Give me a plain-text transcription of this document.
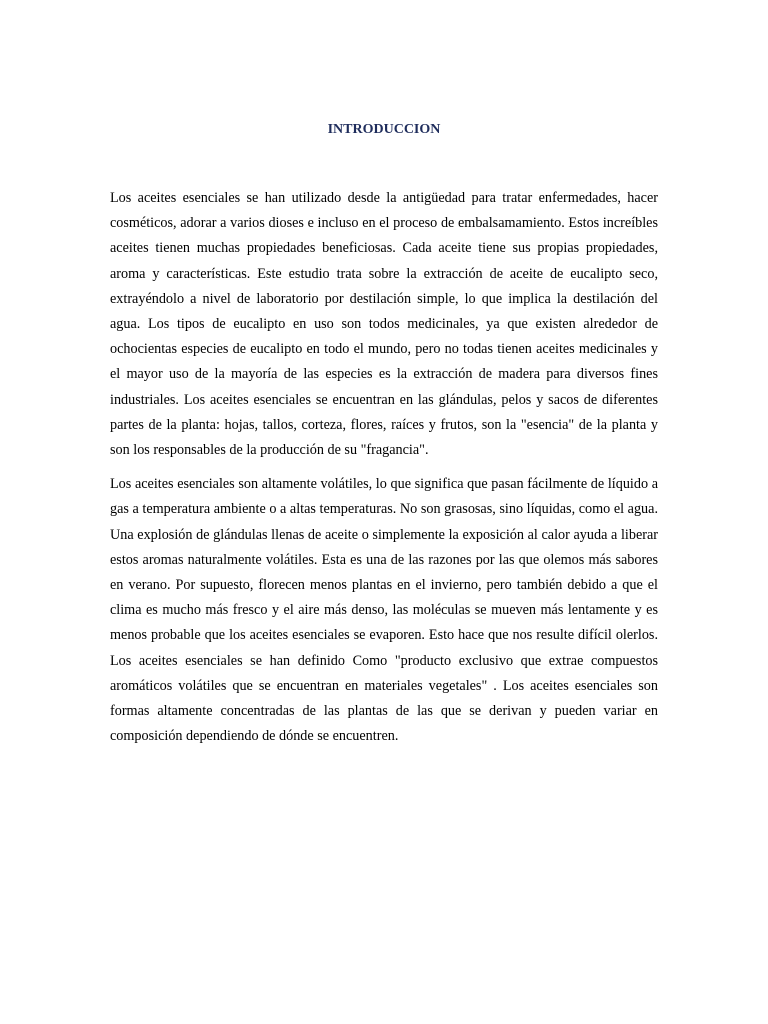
INTRODUCCION

Los aceites esenciales se han utilizado desde la antigüedad para tratar enfermedades, hacer cosméticos, adorar a varios dioses e incluso en el proceso de embalsamamiento. Estos increíbles aceites tienen muchas propiedades beneficiosas. Cada aceite tiene sus propias propiedades, aroma y características. Este estudio trata sobre la extracción de aceite de eucalipto seco, extrayéndolo a nivel de laboratorio por destilación simple, lo que implica la destilación del agua. Los tipos de eucalipto en uso son todos medicinales, ya que existen alrededor de ochocientas especies de eucalipto en todo el mundo, pero no todas tienen aceites medicinales y el mayor uso de la mayoría de las especies es la extracción de madera para diversos fines industriales. Los aceites esenciales se encuentran en las glándulas, pelos y sacos de diferentes partes de la planta: hojas, tallos, corteza, flores, raíces y frutos, son la "esencia" de la planta y son los responsables de la producción de su "fragancia".

Los aceites esenciales son altamente volátiles, lo que significa que pasan fácilmente de líquido a gas a temperatura ambiente o a altas temperaturas. No son grasosas, sino líquidas, como el agua. Una explosión de glándulas llenas de aceite o simplemente la exposición al calor ayuda a liberar estos aromas naturalmente volátiles. Esta es una de las razones por las que olemos más sabores en verano. Por supuesto, florecen menos plantas en el invierno, pero también debido a que el clima es mucho más fresco y el aire más denso, las moléculas se mueven más lentamente y es menos probable que los aceites esenciales se evaporen. Esto hace que nos resulte difícil olerlos. Los aceites esenciales se han definido Como "producto exclusivo que extrae compuestos aromáticos volátiles que se encuentran en materiales vegetales" . Los aceites esenciales son formas altamente concentradas de las plantas de las que se derivan y pueden variar en composición dependiendo de dónde se encuentren.
